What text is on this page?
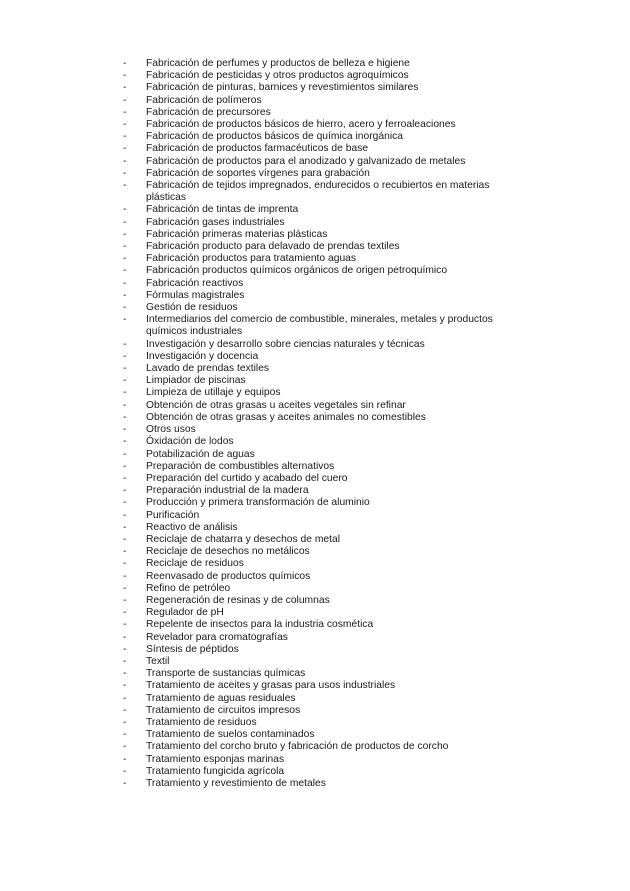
-	Fabricación de perfumes y productos de belleza e higiene
-	Fabricación de pesticidas y otros productos agroquímicos
-	Fabricación de pinturas, barnices y revestimientos similares
-	Fabricación de polímeros
-	Fabricación de precursores
-	Fabricación de productos básicos de hierro, acero y ferroaleaciones
-	Fabricación de productos básicos de química inorgánica
-	Fabricación de productos farmacéuticos de base
-	Fabricación de productos para el anodizado y galvanizado de metales
-	Fabricación de soportes vírgenes para grabación
-	Fabricación de tejidos impregnados, endurecidos o recubiertos en materias plásticas
-	Fabricación de tintas de imprenta
-	Fabricación gases industriales
-	Fabricación primeras materias plásticas
-	Fabricación producto para delavado de prendas textiles
-	Fabricación productos para tratamiento aguas
-	Fabricación productos químicos orgánicos de origen petroquímico
-	Fabricación reactivos
-	Fórmulas magistrales
-	Gestión de residuos
-	Intermediarios del comercio de combustible, minerales, metales y productos químicos industriales
-	Investigación y desarrollo sobre ciencias naturales y técnicas
-	Investigación y docencia
-	Lavado de prendas textiles
-	Limpiador de piscinas
-	Limpieza de utillaje y equipos
-	Obtención de otras grasas u aceites vegetales sin refinar
-	Obtención de otras grasas y aceites animales no comestibles
-	Otros usos
-	Óxidación de lodos
-	Potabilización de aguas
-	Preparación de combustibles alternativos
-	Preparación del curtido y acabado del cuero
-	Preparación industrial de la madera
-	Producción y primera transformación de aluminio
-	Purificación
-	Reactivo de análisis
-	Reciclaje de chatarra y desechos de metal
-	Reciclaje de desechos no metálicos
-	Reciclaje de residuos
-	Reenvasado de productos químicos
-	Refino de petróleo
-	Regeneración de resinas y de columnas
-	Regulador de pH
-	Repelente de insectos para la industria cosmética
-	Revelador para cromatografías
-	Síntesis de péptidos
-	Textil
-	Transporte de sustancias químicas
-	Tratamiento de aceites y grasas para usos industriales
-	Tratamiento de aguas residuales
-	Tratamiento de circuitos impresos
-	Tratamiento de residuos
-	Tratamiento de suelos contaminados
-	Tratamiento del corcho bruto y fabricación de productos de corcho
-	Tratamiento esponjas marinas
-	Tratamiento fungicida agrícola
-	Tratamiento y revestimiento de metales
